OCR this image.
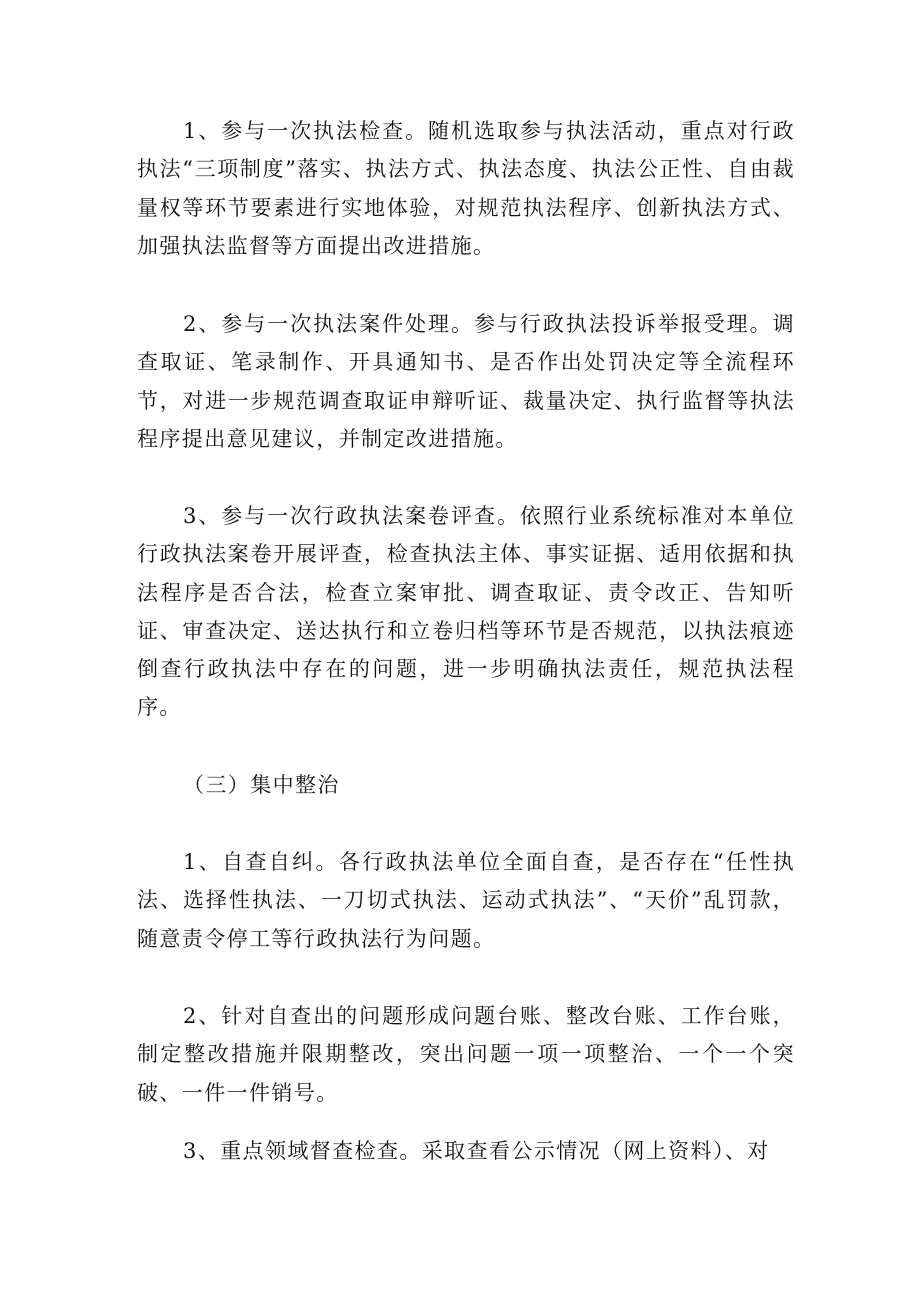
1、参与一次执法检查。随机选取参与执法活动，重点对行政执法“三项制度”落实、执法方式、执法态度、执法公正性、自由裁量权等环节要素进行实地体验，对规范执法程序、创新执法方式、加强执法监督等方面提出改进措施。

2、参与一次执法案件处理。参与行政执法投诉举报受理。调查取证、笔录制作、开具通知书、是否作出处罚决定等全流程环节，对进一步规范调查取证申辩听证、裁量决定、执行监督等执法程序提出意见建议，并制定改进措施。

3、参与一次行政执法案卷评查。依照行业系统标准对本单位行政执法案卷开展评查，检查执法主体、事实证据、适用依据和执法程序是否合法，检查立案审批、调查取证、责令改正、告知听证、审查决定、送达执行和立卷归档等环节是否规范，以执法痕迹倒查行政执法中存在的问题，进一步明确执法责任，规范执法程序。

（三）集中整治

1、自查自纠。各行政执法单位全面自查，是否存在“任性执法、选择性执法、一刀切式执法、运动式执法”、“天价”乱罚款，随意责令停工等行政执法行为问题。

2、针对自查出的问题形成问题台账、整改台账、工作台账，制定整改措施并限期整改，突出问题一项一项整治、一个一个突破、一件一件销号。

3、重点领域督查检查。采取查看公示情况（网上资料）、对
